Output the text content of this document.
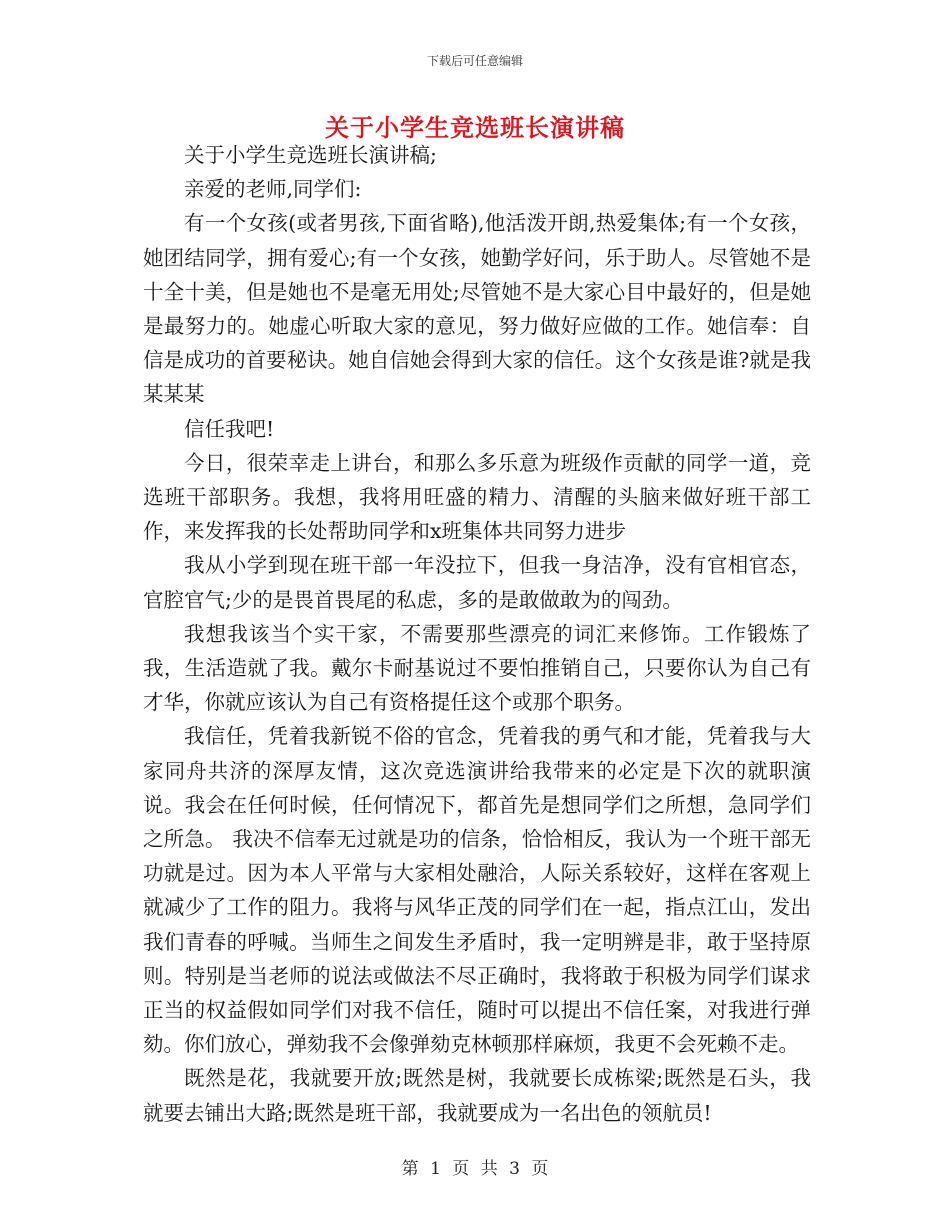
下载后可任意编辑
关于小学生竞选班长演讲稿

关于小学生竞选班长演讲稿;

亲爱的老师,同学们:

有一个女孩(或者男孩,下面省略),他活泼开朗,热爱集体;有一个女孩，她团结同学，拥有爱心;有一个女孩，她勤学好问，乐于助人。尽管她不是十全十美，但是她也不是毫无用处;尽管她不是大家心目中最好的，但是她是最努力的。她虚心听取大家的意见，努力做好应做的工作。她信奉：自信是成功的首要秘诀。她自信她会得到大家的信任。这个女孩是谁?就是我某某某

信任我吧!

今日，很荣幸走上讲台，和那么多乐意为班级作贡献的同学一道，竞选班干部职务。我想，我将用旺盛的精力、清醒的头脑来做好班干部工作，来发挥我的长处帮助同学和x班集体共同努力进步

我从小学到现在班干部一年没拉下，但我一身洁净，没有官相官态，官腔官气;少的是畏首畏尾的私虑，多的是敢做敢为的闯劲。

我想我该当个实干家，不需要那些漂亮的词汇来修饰。工作锻炼了我，生活造就了我。戴尔卡耐基说过不要怕推销自己，只要你认为自己有才华，你就应该认为自己有资格提任这个或那个职务。

我信任，凭着我新锐不俗的官念，凭着我的勇气和才能，凭着我与大家同舟共济的深厚友情，这次竞选演讲给我带来的必定是下次的就职演说。我会在任何时候，任何情况下，都首先是想同学们之所想，急同学们之所急。 我决不信奉无过就是功的信条，恰恰相反，我认为一个班干部无功就是过。因为本人平常与大家相处融洽，人际关系较好，这样在客观上就减少了工作的阻力。我将与风华正茂的同学们在一起，指点江山，发出我们青春的呼喊。当师生之间发生矛盾时，我一定明辨是非，敢于坚持原则。特别是当老师的说法或做法不尽正确时，我将敢于积极为同学们谋求正当的权益假如同学们对我不信任，随时可以提出不信任案，对我进行弹劾。你们放心，弹劾我不会像弹劾克林顿那样麻烦，我更不会死赖不走。

既然是花，我就要开放;既然是树，我就要长成栋梁;既然是石头，我就要去铺出大路;既然是班干部，我就要成为一名出色的领航员!

第 1 页 共 3 页
